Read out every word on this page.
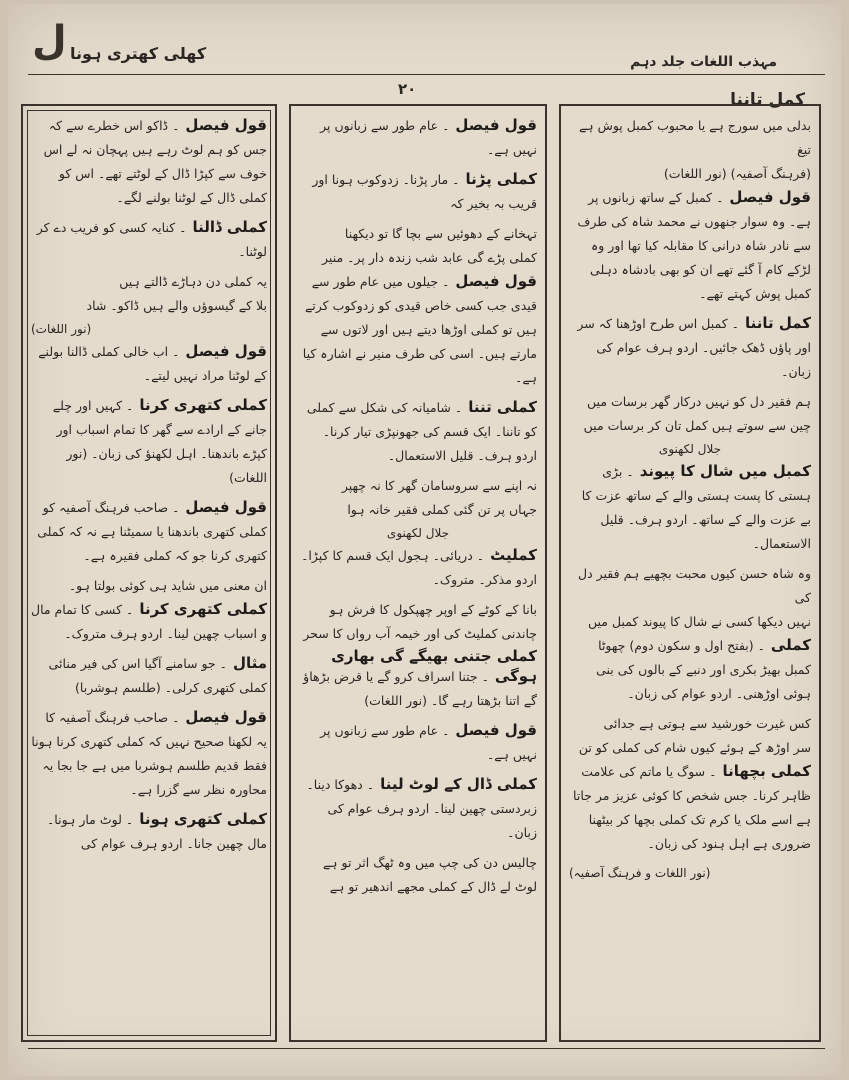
ل کھلی کھتری ہونا	مہذب اللغات جلد دہم
۲۰
کمل تاننا
بدلی میں سورج ہے یا محبوب کمبل پوش ہے تیغ
(فرہنگ آصفیہ) (نور اللغات)
قول فیصل۔ کمبل کے ساتھ زبانوں پر ہے۔ وہ سوار جنھوں نے محمد شاہ کی طرف سے نادر شاہ درانی کا مقابلہ کیا تھا اور وہ لڑکے کام آ گئے تھے ان کو بھی بادشاہ دہلی کمبل پوش کہتے تھے۔
کمل تاننا۔ کمبل اس طرح اوڑھنا کہ سر اور پاؤں ڈھک جائیں۔ اردو ہرف عوام کی زبان۔
ہم فقیر دل کو نہیں درکار گھر برسات میں
چین سے سوتے ہیں کمل تان کر برسات میں
جلال لکھنوی
کمبل میں شال کا پیوند۔ بڑی ہستی کا پست ہستی والے کے ساتھ عزت کا بے عزت والے کے ساتھ۔ اردو ہرف۔ قلیل الاستعمال۔
وہ شاہ حسن کیوں محبت بچھیے ہم فقیر دل کی
نہیں دیکھا کسی نے شال کا پیوند کمبل میں
کملی۔ (بفتح اول و سکون دوم) چھوٹا کمبل بھیڑ بکری اور دنبے کے بالوں کی بنی ہوئی اوڑھنی۔ اردو عوام کی زبان۔
کس غیرت خورشید سے ہوتی ہے جدائی
سر اوڑھ کے ہوئے کیوں شام کی کملی کو تن
کملی بچھانا۔ سوگ یا ماتم کی علامت ظاہر کرنا۔ جس شخص کا کوئی عزیز مر جاتا ہے اسے ملک یا کرم تک کملی بچھا کر بیٹھنا ضروری ہے اہل ہنود کی زبان۔
(نور اللغات و فرہنگ آصفیہ)
قول فیصل۔ عام طور سے زبانوں پر نہیں ہے۔
کملی پڑنا۔ مار پڑنا۔ زدوکوب ہونا اور قریب بہ بخیر کہ
تہخانے کے دھوئیں سے بچا گا تو دیکھنا
کملی پڑے گی عابد شب زندہ دار پر۔ منیر
قول فیصل۔ جیلوں میں عام طور سے قیدی جب کسی خاص قیدی کو زدوکوب کرتے ہیں تو کملی اوڑھا دیتے ہیں اور لاتوں سے مارتے ہیں۔ اسی کی طرف منیر نے اشارہ کیا ہے۔
کملی تننا۔ شامیانہ کی شکل سے کملی کو تاننا۔ ایک قسم کی جھونپڑی تیار کرنا۔ اردو ہرف۔ قلیل الاستعمال۔
نہ اپنے سے سروسامان گھر کا نہ چھپر
جہاں پر تن گئی کملی فقیر خانہ ہوا
جلال لکھنوی
کملیٹ۔ دریائی۔ ہجول ایک قسم کا کپڑا۔ اردو مذکر۔ متروک۔
بانا کے کوٹے کے اوپر چھپکول کا فرش ہو
چاندنی کملیٹ کی اور خیمہ آب رواں کا سحر
کملی جتنی بھیگے گی بھاری ہوگی۔ جتنا اسراف کرو گے یا قرض بڑھاؤ گے اتنا بڑھتا رہے گا۔ (نور اللغات)
قول فیصل۔ عام طور سے زبانوں پر نہیں ہے۔
کملی ڈال کے لوٹ لینا۔ دھوکا دینا۔ زبردستی چھین لینا۔ اردو ہرف عوام کی زبان۔
چالیس دن کی چپ میں وہ ٹھگ اثر تو ہے
لوٹ لے ڈال کے کملی مجھے اندھیر تو ہے
قول فیصل۔ ڈاکو اس خطرے سے کہ جس کو ہم لوٹ رہے ہیں پہچان نہ لے اس خوف سے کپڑا ڈال کے لوٹتے تھے۔ اس کو کملی ڈال کے لوٹنا بولنے لگے۔
کملی ڈالنا۔ کنایہ کسی کو فریب دے کر لوٹنا۔
یہ کملی دن دہاڑے ڈالتے ہیں
بلا کے گیسوؤں والے ہیں ڈاکو۔ شاد
(نور اللغات)
قول فیصل۔ اب خالی کملی ڈالنا بولنے کے لوٹنا مراد نہیں لیتے۔
کملی کتھری کرنا۔ کہیں اور چلے جانے کے ارادے سے گھر کا تمام اسباب اور کپڑے باندھنا۔ اہل لکھنؤ کی زبان۔ (نور اللغات)
قول فیصل۔ صاحب فرہنگ آصفیہ کو کملی کتھری باندھنا یا سمیٹنا ہے نہ کہ کملی کتھری کرنا جو کہ کملی فقیرہ ہے۔
ان معنی میں شاید ہی کوئی بولتا ہو۔
کملی کتھری کرنا۔ کسی کا تمام مال و اسباب چھین لینا۔ اردو ہرف متروک۔
مثال۔ جو سامنے آگیا اس کی فیر منائی کملی کتھری کرلی۔ (طلسم ہوشربا)
قول فیصل۔ صاحب فرہنگ آصفیہ کا یہ لکھنا صحیح نہیں کہ کملی کتھری کرنا ہونا فقط قدیم طلسم ہوشربا میں ہے جا بجا یہ محاورہ نظر سے گزرا ہے۔
کملی کتھری ہونا۔ لوٹ مار ہونا۔ مال چھین جانا۔ اردو ہرف عوام کی
